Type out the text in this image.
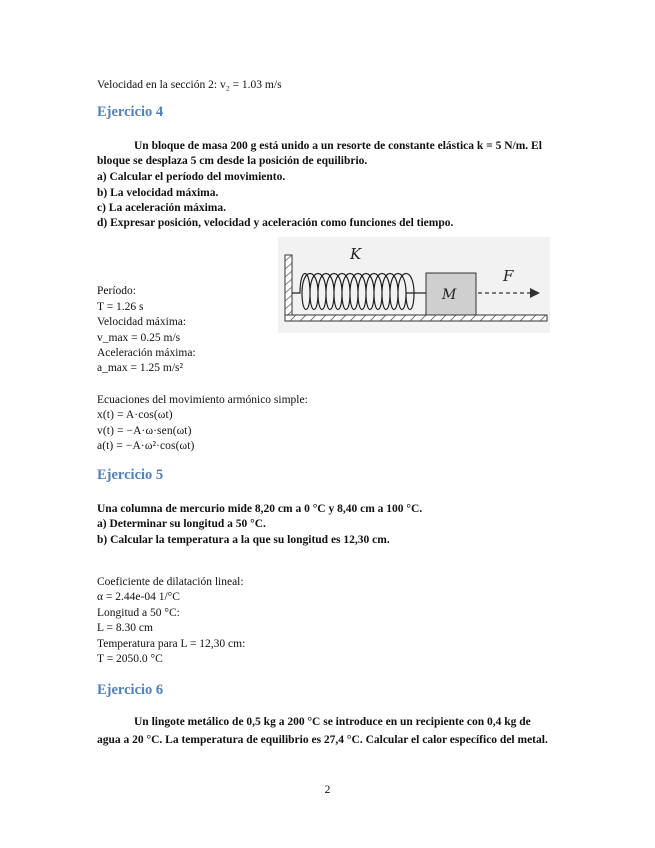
Velocidad en la sección 2: v₂ = 1.03 m/s
Ejercicio 4
Un bloque de masa 200 g está unido a un resorte de constante elástica k = 5 N/m. El
bloque se desplaza 5 cm desde la posición de equilibrio.
a) Calcular el período del movimiento.
b) La velocidad máxima.
c) La aceleración máxima.
d) Expresar posición, velocidad y aceleración como funciones del tiempo.
M
K
F
Período:
T = 1.26 s
Velocidad máxima:
v_max = 0.25 m/s
Aceleración máxima:
a_max = 1.25 m/s²
Ecuaciones del movimiento armónico simple:
x(t) = A·cos(ωt)
v(t) = −A·ω·sen(ωt)
a(t) = −A·ω²·cos(ωt)
Ejercicio 5
Una columna de mercurio mide 8,20 cm a 0 °C y 8,40 cm a 100 °C.
a) Determinar su longitud a 50 °C.
b) Calcular la temperatura a la que su longitud es 12,30 cm.
Coeficiente de dilatación lineal:
α = 2.44e-04 1/°C
Longitud a 50 °C:
L = 8.30 cm
Temperatura para L = 12,30 cm:
T = 2050.0 °C
Ejercicio 6
Un lingote metálico de 0,5 kg a 200 °C se introduce en un recipiente con 0,4 kg de
agua a 20 °C. La temperatura de equilibrio es 27,4 °C. Calcular el calor específico del metal.
2
